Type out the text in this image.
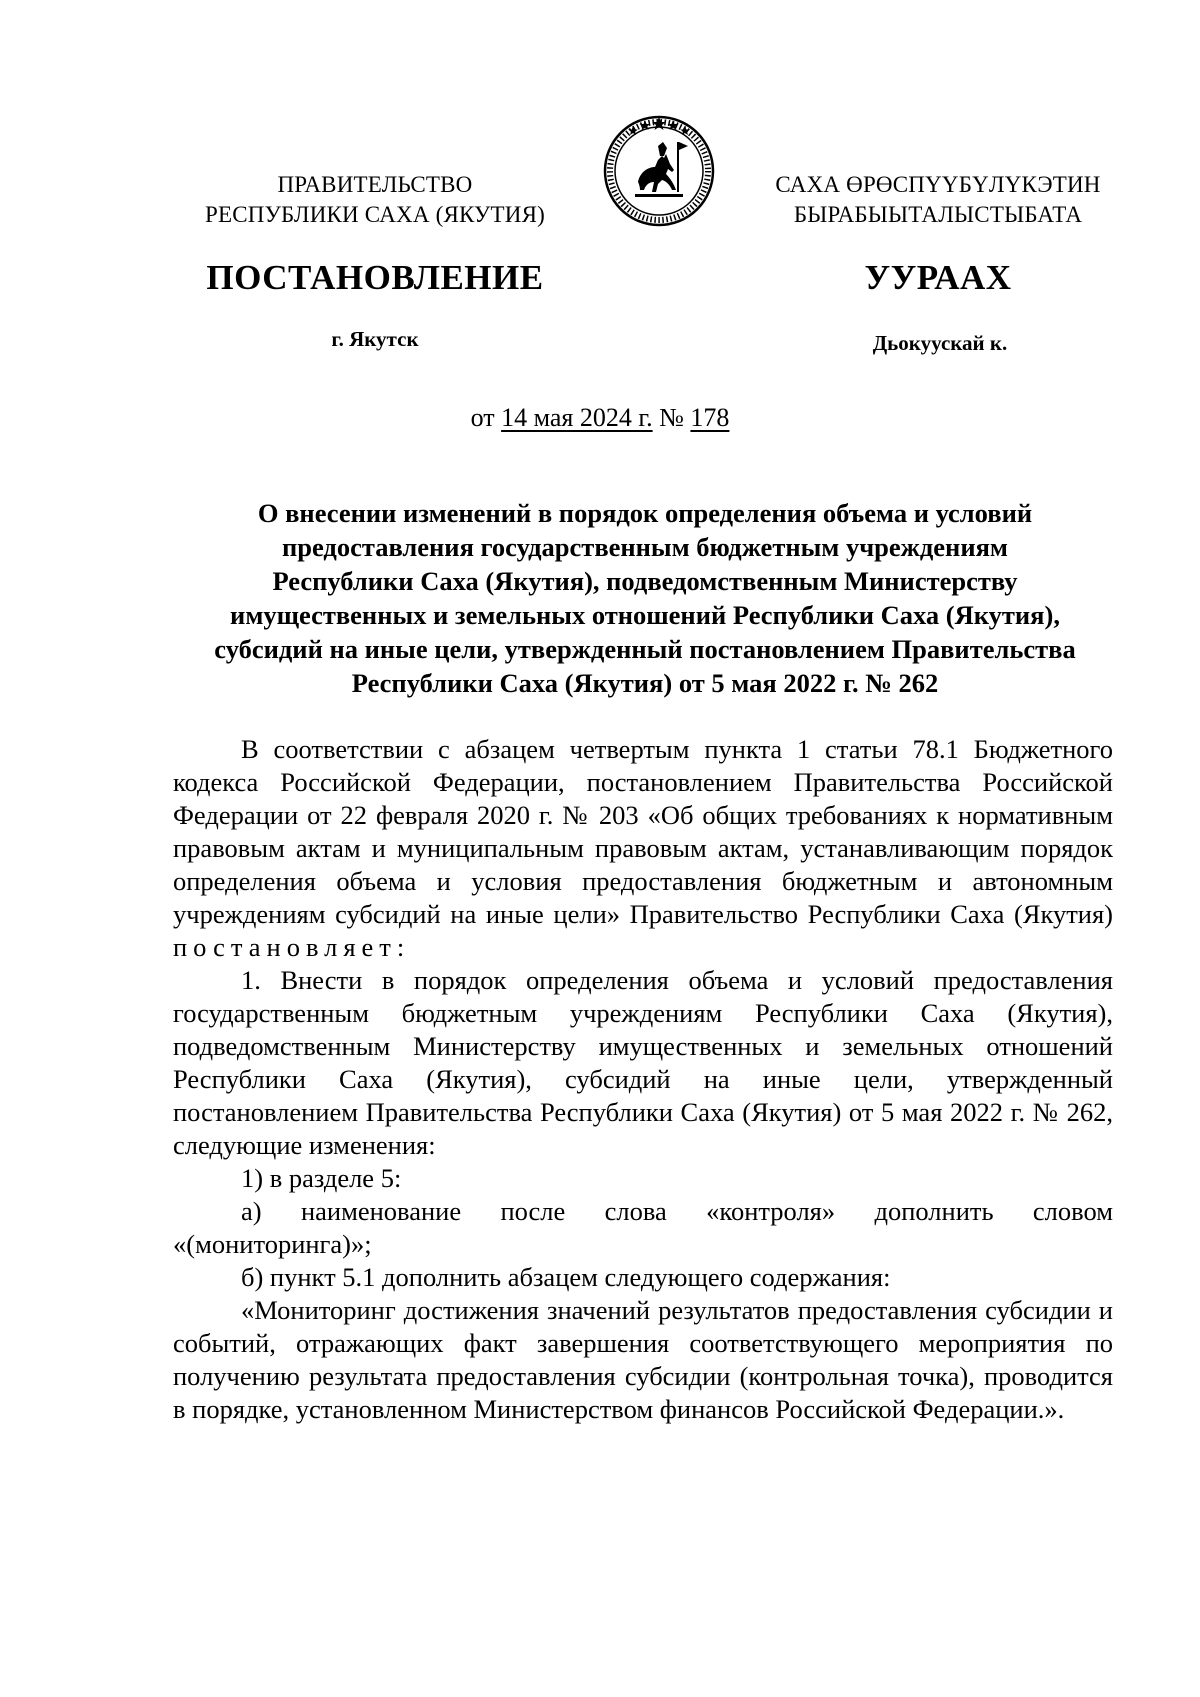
ПРАВИТЕЛЬСТВО
РЕСПУБЛИКИ САХА (ЯКУТИЯ)
САХА ӨРӨСПҮҮБҮЛҮКЭТИН
БЫРАБЫЫТАЛЫСТЫБАТА
ПОСТАНОВЛЕНИЕ	УУРААХ
г. Якутск	Дьокуускай к.
от 14 мая 2024 г. № 178
О внесении изменений в порядок определения объема и условий
предоставления государственным бюджетным учреждениям
Республики Саха (Якутия), подведомственным Министерству
имущественных и земельных отношений Республики Саха (Якутия),
субсидий на иные цели, утвержденный постановлением Правительства
Республики Саха (Якутия) от 5 мая 2022 г. № 262

В соответствии с абзацем четвертым пункта 1 статьи 78.1 Бюджетного кодекса Российской Федерации, постановлением Правительства Российской Федерации от 22 февраля 2020 г. № 203 «Об общих требованиях к нормативным правовым актам и муниципальным правовым актам, устанавливающим порядок определения объема и условия предоставления бюджетным и автономным учреждениям субсидий на иные цели» Правительство Республики Саха (Якутия) постановляет:

1. Внести в порядок определения объема и условий предоставления государственным бюджетным учреждениям Республики Саха (Якутия), подведомственным Министерству имущественных и земельных отношений Республики Саха (Якутия), субсидий на иные цели, утвержденный постановлением Правительства Республики Саха (Якутия) от 5 мая 2022 г. № 262, следующие изменения:

1) в разделе 5:

а) наименование после слова «контроля» дополнить словом «(мониторинга)»;

б) пункт 5.1 дополнить абзацем следующего содержания:

«Мониторинг достижения значений результатов предоставления субсидии и событий, отражающих факт завершения соответствующего мероприятия по получению результата предоставления субсидии (контрольная точка), проводится в порядке, установленном Министерством финансов Российской Федерации.».
